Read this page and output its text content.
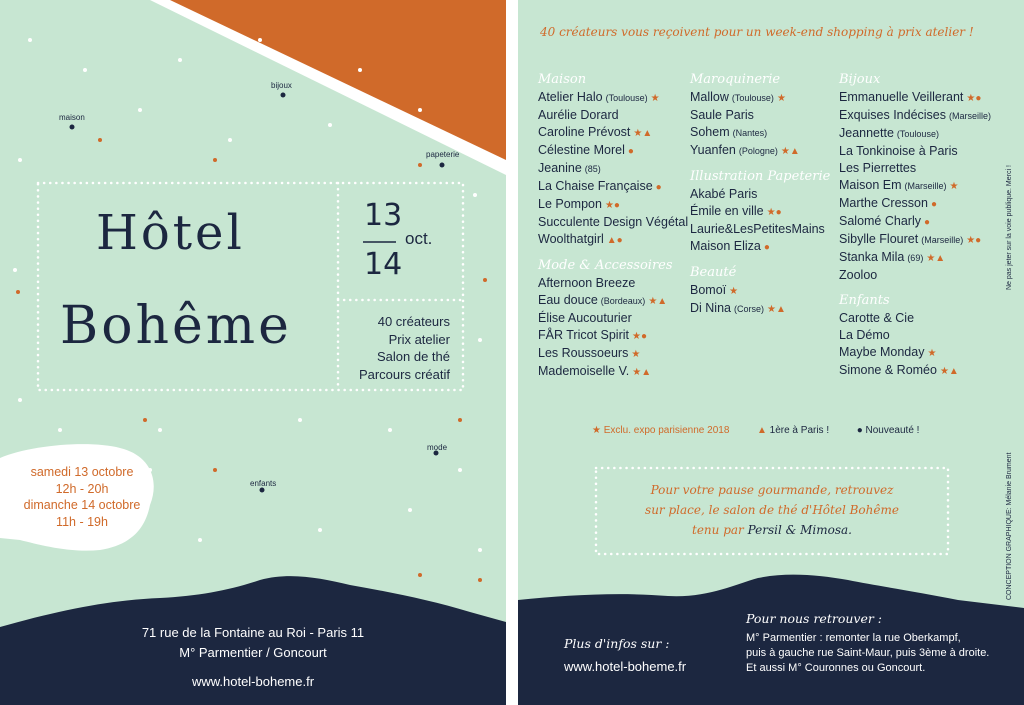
bijoux
maison
papeterie
mode
enfants
Hôtel
Bohême
13
14
oct.
40 créateurs
Prix atelier
Salon de thé
Parcours créatif
samedi 13 octobre
12h - 20h
dimanche 14 octobre
11h - 19h
71 rue de la Fontaine au Roi - Paris 11
M° Parmentier / Goncourt
www.hotel-boheme.fr
40 créateurs vous reçoivent pour un week-end shopping à prix atelier !
Maison
Atelier Halo (Toulouse) ★
Aurélie Dorard
Caroline Prévost ★▲
Célestine Morel ●
Jeanine (85)
La Chaise Française ●
Le Pompon ★●
Succulente Design Végétal
Woolthatgirl ▲●
Mode & Accessoires
Afternoon Breeze
Eau douce (Bordeaux) ★▲
Élise Aucouturier
FÅR Tricot Spirit ★●
Les Roussoeurs ★
Mademoiselle V. ★▲
Maroquinerie
Mallow (Toulouse) ★
Saule Paris
Sohem (Nantes)
Yuanfen (Pologne) ★▲
Illustration Papeterie
Akabé Paris
Émile en ville ★●
Laurie&LesPetitesMains
Maison Eliza ●
Beauté
Bomoï ★
Di Nina (Corse) ★▲
Bijoux
Emmanuelle Veillerant ★●
Exquises Indécises (Marseille)
Jeannette (Toulouse)
La Tonkinoise à Paris
Les Pierrettes
Maison Em (Marseille) ★
Marthe Cresson ●
Salomé Charly ●
Sibylle Flouret (Marseille) ★●
Stanka Mila (69) ★▲
Zooloo
Enfants
Carotte & Cie
La Démo
Maybe Monday ★
Simone & Roméo ★▲
★ Exclu. expo parisienne 2018	▲ 1ère à Paris !	● Nouveauté !
Pour votre pause gourmande, retrouvez
sur place, le salon de thé d'Hôtel Bohême
tenu par Persil & Mimosa.
Ne pas jeter sur la voie publique. Merci !
CONCEPTION GRAPHIQUE: Mélanie Brument
Plus d'infos sur :
www.hotel-boheme.fr
Pour nous retrouver :
M° Parmentier : remonter la rue Oberkampf,
puis à gauche rue Saint-Maur, puis 3ème à droite.
Et aussi M° Couronnes ou Goncourt.
